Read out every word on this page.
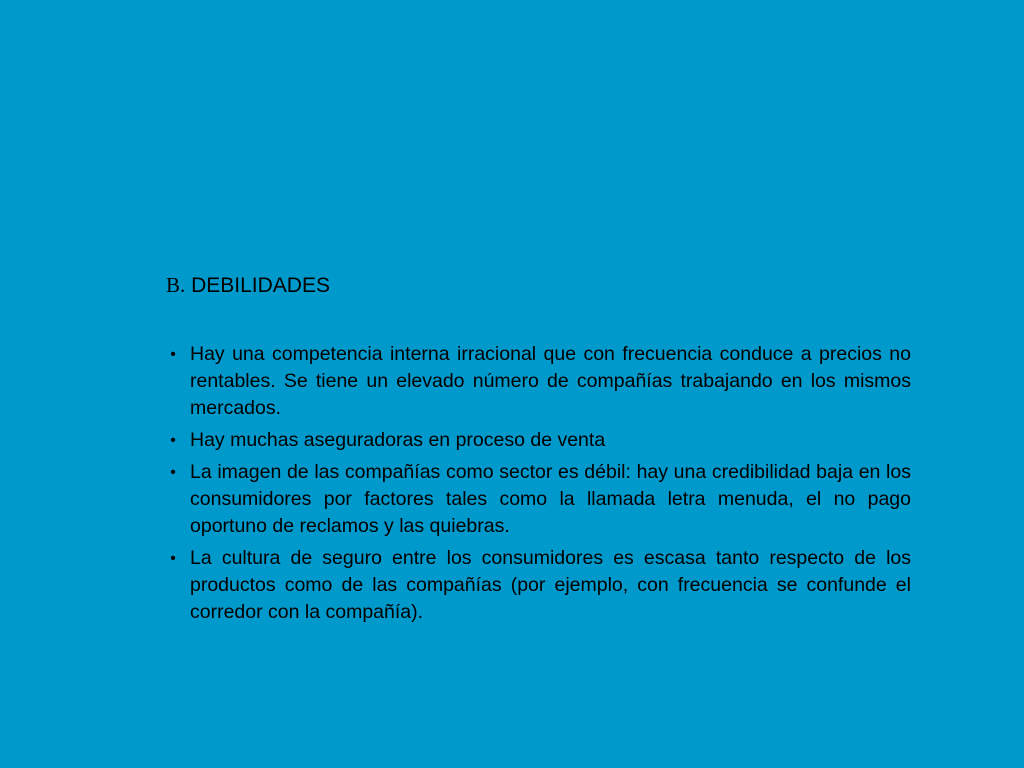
B. DEBILIDADES
• Hay una competencia interna irracional que con frecuencia conduce a precios no rentables. Se tiene un elevado número de compañías trabajando en los mismos mercados.
• Hay muchas aseguradoras en proceso de venta
• La imagen de las compañías como sector es débil: hay una credibilidad baja en los consumidores por factores tales como la llamada letra menuda, el no pago oportuno de reclamos y las quiebras.
• La cultura de seguro entre los consumidores es escasa tanto respecto de los productos como de las compañías (por ejemplo, con frecuencia se confunde el corredor con la compañía).
